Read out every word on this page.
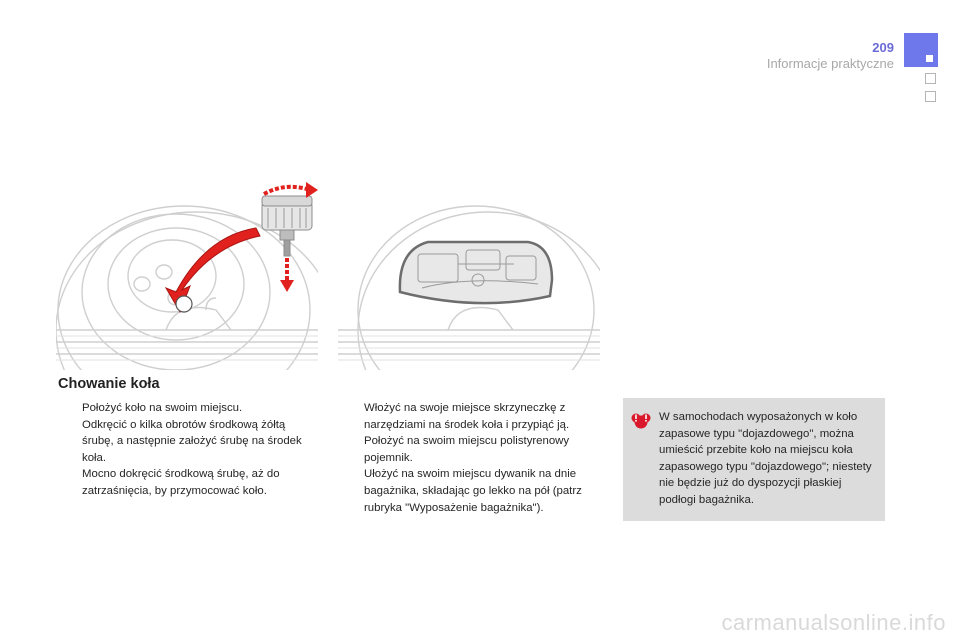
209
Informacje praktyczne
Chowanie koła
Położyć koło na swoim miejscu.
Odkręcić o kilka obrotów środkową żółtą śrubę, a następnie założyć śrubę na środek koła.
Mocno dokręcić środkową śrubę, aż do zatrzaśnięcia, by przymocować koło.
Włożyć na swoje miejsce skrzyneczkę z narzędziami na środek koła i przypiąć ją.
Położyć na swoim miejscu polistyrenowy pojemnik.
Ułożyć na swoim miejscu dywanik na dnie bagażnika, składając go lekko na pół (patrz rubryka "Wyposażenie bagażnika").
W samochodach wyposażonych w koło zapasowe typu "dojazdowego", można umieścić przebite koło na miejscu koła zapasowego typu "dojazdowego"; niestety nie będzie już do dyspozycji płaskiej podłogi bagażnika.
carmanualsonline.info
